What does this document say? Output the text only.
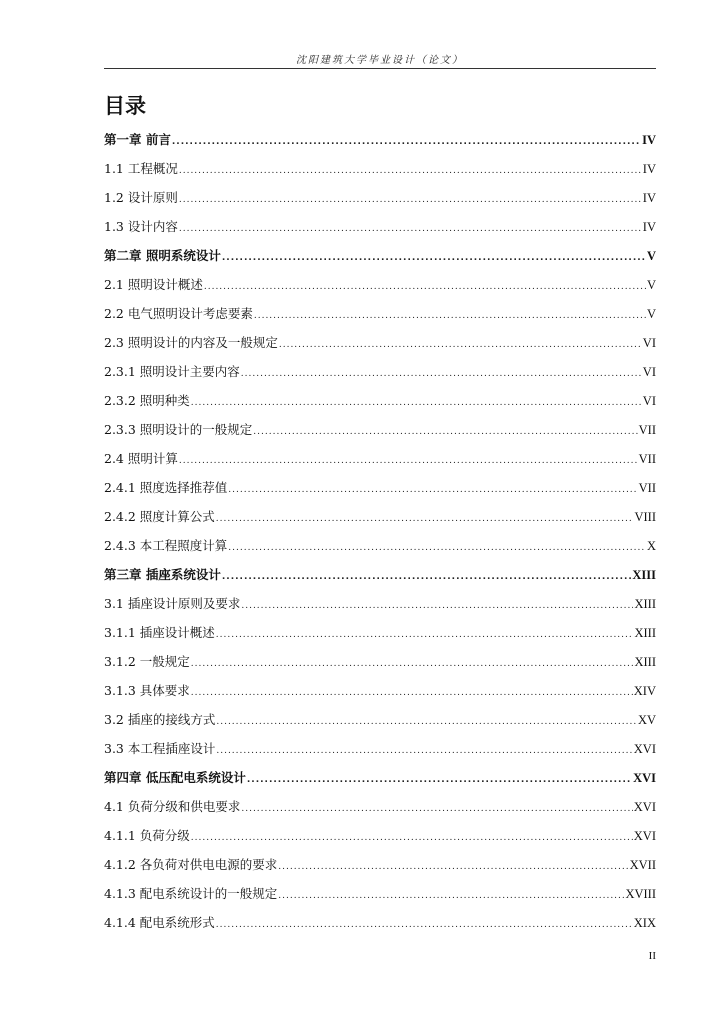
沈阳建筑大学毕业设计（论文）
目录
第一章 前言 .....	IV
1.1 工程概况 .....	IV
1.2 设计原则 .....	IV
1.3 设计内容 .....	IV
第二章 照明系统设计 .....	V
2.1 照明设计概述 .....	V
2.2 电气照明设计考虑要素 .....	V
2.3 照明设计的内容及一般规定 .....	VI
2.3.1 照明设计主要内容 .....	VI
2.3.2 照明种类 .....	VI
2.3.3 照明设计的一般规定 .....	VII
2.4 照明计算 .....	VII
2.4.1 照度选择推荐值 .....	VII
2.4.2 照度计算公式 .....	VIII
2.4.3 本工程照度计算 .....	X
第三章 插座系统设计 .....	XIII
3.1 插座设计原则及要求 .....	XIII
3.1.1 插座设计概述 .....	XIII
3.1.2 一般规定 .....	XIII
3.1.3 具体要求 .....	XIV
3.2 插座的接线方式 .....	XV
3.3 本工程插座设计 .....	XVI
第四章 低压配电系统设计 .....	XVI
4.1 负荷分级和供电要求 .....	XVI
4.1.1 负荷分级 .....	XVI
4.1.2 各负荷对供电电源的要求 .....	XVII
4.1.3 配电系统设计的一般规定 .....	XVIII
4.1.4 配电系统形式 .....	XIX
II
